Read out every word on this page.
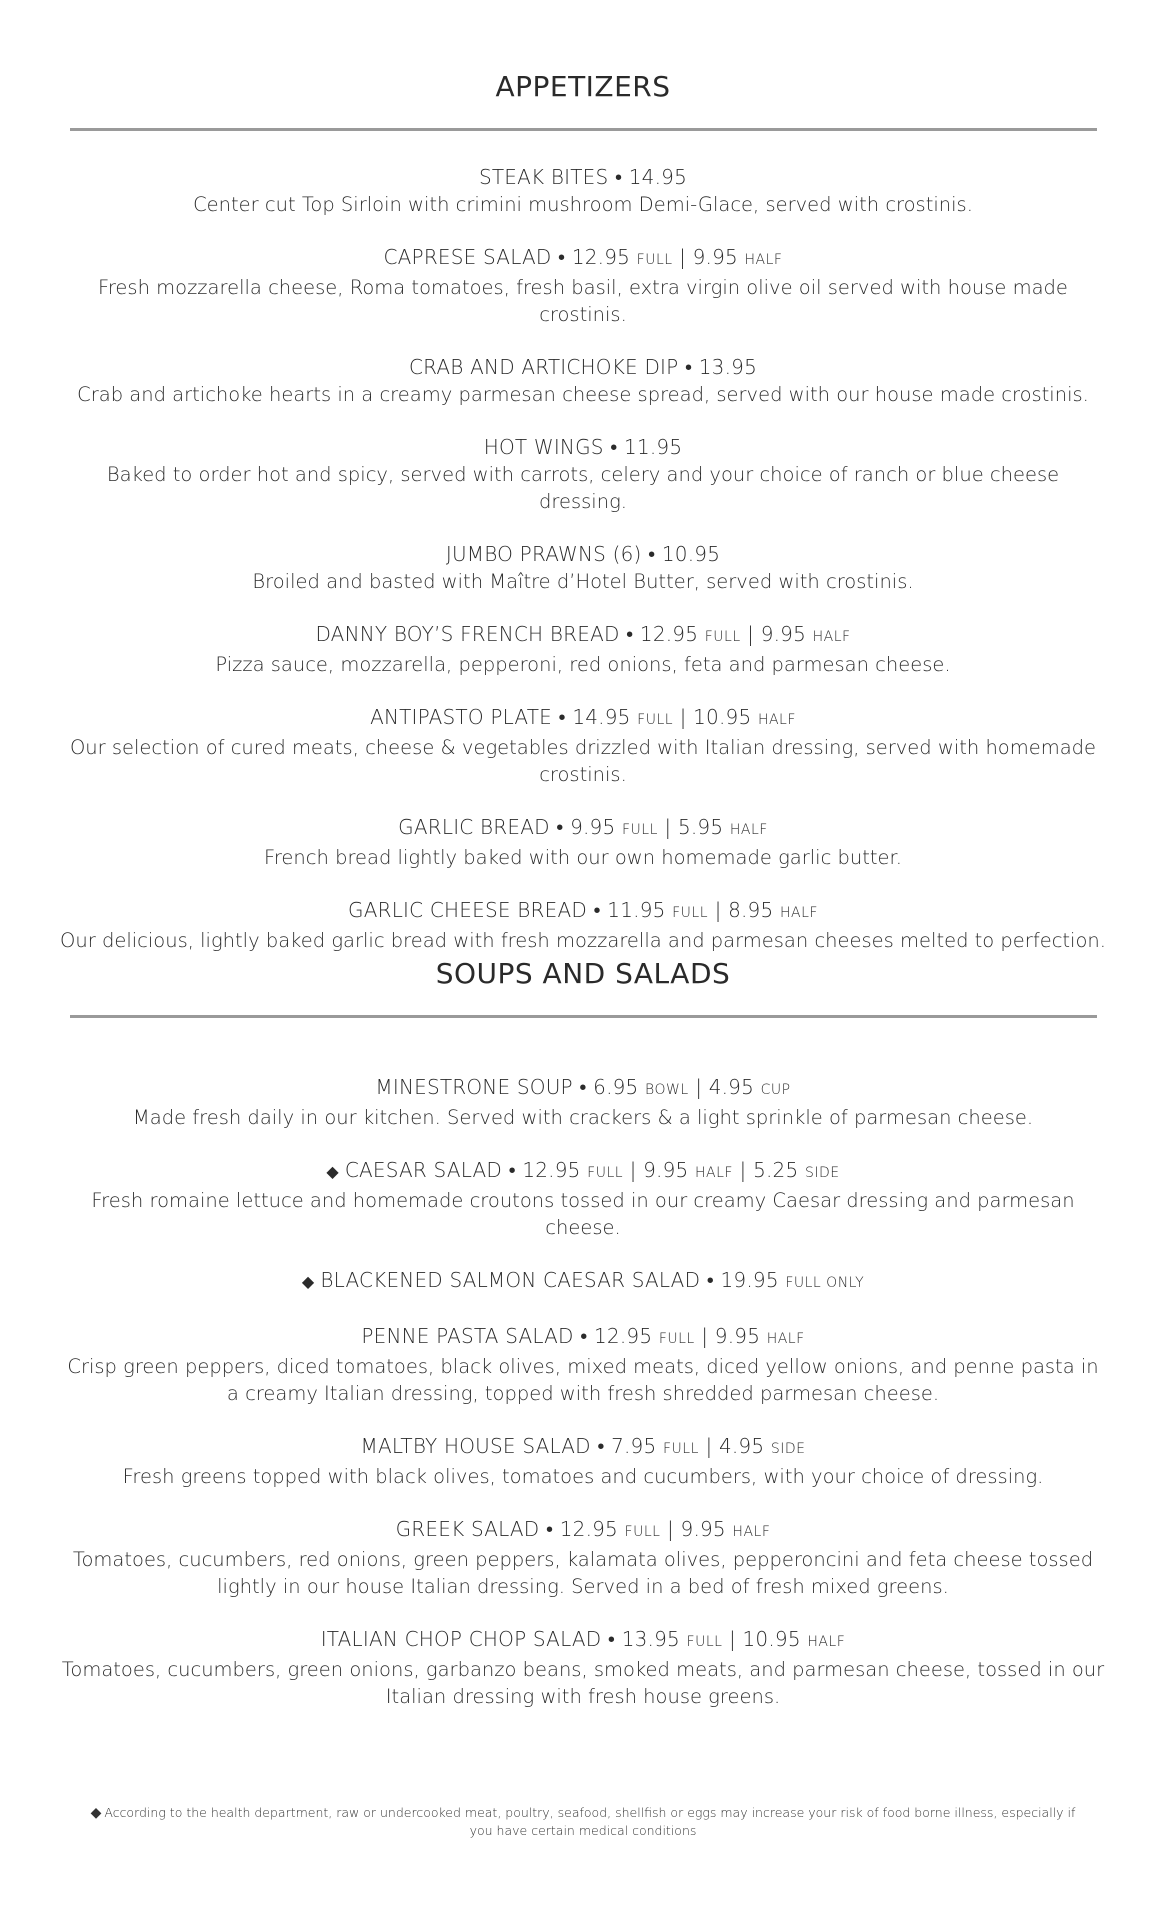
APPETIZERS
STEAK BITES • 14.95
Center cut Top Sirloin with crimini mushroom Demi-Glace, served with crostinis.
CAPRESE SALAD • 12.95 FULL | 9.95 HALF
Fresh mozzarella cheese, Roma tomatoes, fresh basil, extra virgin olive oil served with house made crostinis.
CRAB AND ARTICHOKE DIP • 13.95
Crab and artichoke hearts in a creamy parmesan cheese spread, served with our house made crostinis.
HOT WINGS • 11.95
Baked to order hot and spicy, served with carrots, celery and your choice of ranch or blue cheese dressing.
JUMBO PRAWNS (6) • 10.95
Broiled and basted with Maître d’Hotel Butter, served with crostinis.
DANNY BOY’S FRENCH BREAD • 12.95 FULL | 9.95 HALF
Pizza sauce, mozzarella, pepperoni, red onions, feta and parmesan cheese.
ANTIPASTO PLATE • 14.95 FULL | 10.95 HALF
Our selection of cured meats, cheese & vegetables drizzled with Italian dressing, served with homemade crostinis.
GARLIC BREAD • 9.95 FULL | 5.95 HALF
French bread lightly baked with our own homemade garlic butter.
GARLIC CHEESE BREAD • 11.95 FULL | 8.95 HALF
Our delicious, lightly baked garlic bread with fresh mozzarella and parmesan cheeses melted to perfection.
SOUPS AND SALADS
MINESTRONE SOUP • 6.95 BOWL | 4.95 CUP
Made fresh daily in our kitchen. Served with crackers & a light sprinkle of parmesan cheese.
◆ CAESAR SALAD • 12.95 FULL | 9.95 HALF | 5.25 SIDE
Fresh romaine lettuce and homemade croutons tossed in our creamy Caesar dressing and parmesan cheese.
◆ BLACKENED SALMON CAESAR SALAD • 19.95 FULL ONLY
PENNE PASTA SALAD • 12.95 FULL | 9.95 HALF
Crisp green peppers, diced tomatoes, black olives, mixed meats, diced yellow onions, and penne pasta in a creamy Italian dressing, topped with fresh shredded parmesan cheese.
MALTBY HOUSE SALAD • 7.95 FULL | 4.95 SIDE
Fresh greens topped with black olives, tomatoes and cucumbers, with your choice of dressing.
GREEK SALAD • 12.95 FULL | 9.95 HALF
Tomatoes, cucumbers, red onions, green peppers, kalamata olives, pepperoncini and feta cheese tossed lightly in our house Italian dressing. Served in a bed of fresh mixed greens.
ITALIAN CHOP CHOP SALAD • 13.95 FULL | 10.95 HALF
Tomatoes, cucumbers, green onions, garbanzo beans, smoked meats, and parmesan cheese, tossed in our Italian dressing with fresh house greens.
◆ According to the health department, raw or undercooked meat, poultry, seafood, shellfish or eggs may increase your risk of food borne illness, especially if you have certain medical conditions
